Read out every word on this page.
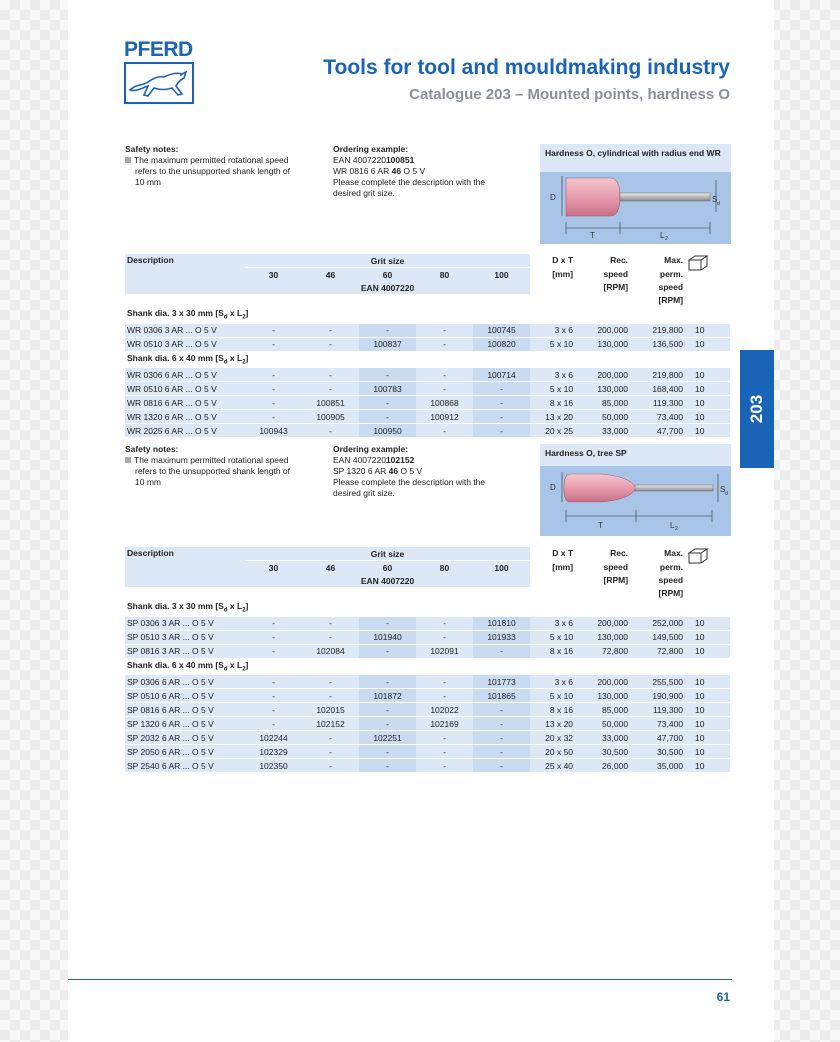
PFERD
Tools for tool and mouldmaking industry
Catalogue 203 – Mounted points, hardness O
203
Safety notes:
The maximum permitted rotational speed
refers to the unsupported shank length of
10 mm
Ordering example:
EAN 4007220100851
WR 0816 6 AR 46 O 5 V
Please complete the description with the
desired grit size.
Hardness O, cylindrical with radius end WR
D	S d
T	L 2
Description	Grit size					D x T	Rec.	Max.	
	30	46	60	80	100	[mm]	speed	perm.	
	EAN 4007220						[RPM]	speed	
								[RPM]	
Shank dia. 3 x 30 mm [$S_d$ x $L_2$]									
WR 0306 3 AR ... O 5 V	-	-	-	-	100745	3 x 6	200,000	219,800	10
WR 0510 3 AR ... O 5 V	-	-	100837	-	100820	5 x 10	130,000	136,500	10
Shank dia. 6 x 40 mm [$S_d$ x $L_2$]									
WR 0306 6 AR ... O 5 V	-	-	-	-	100714	3 x 6	200,000	219,800	10
WR 0510 6 AR ... O 5 V	-	-	100783	-	-	5 x 10	130,000	168,400	10
WR 0816 6 AR ... O 5 V	-	100851	-	100868	-	8 x 16	85,000	119,300	10
WR 1320 6 AR ... O 5 V	-	100905	-	100912	-	13 x 20	50,000	73,400	10
WR 2025 6 AR ... O 5 V	100943	-	100950	-	-	20 x 25	33,000	47,700	10
Safety notes:
The maximum permitted rotational speed
refers to the unsupported shank length of
10 mm
Ordering example:
EAN 4007220102152
SP 1320 6 AR 46 O 5 V
Please complete the description with the
desired grit size.
Hardness O, tree SP
D	S d
T	L 2
Description	Grit size					D x T	Rec.	Max.	
	30	46	60	80	100	[mm]	speed	perm.	
	EAN 4007220						[RPM]	speed	
								[RPM]	
Shank dia. 3 x 30 mm [$S_d$ x $L_2$]									
SP 0306 3 AR ... O 5 V	-	-	-	-	101810	3 x 6	200,000	252,000	10
SP 0510 3 AR ... O 5 V	-	-	101940	-	101933	5 x 10	130,000	149,500	10
SP 0816 3 AR ... O 5 V	-	102084	-	102091	-	8 x 16	72,800	72,800	10
Shank dia. 6 x 40 mm [$S_d$ x $L_2$]									
SP 0306 6 AR ... O 5 V	-	-	-	-	101773	3 x 6	200,000	255,500	10
SP 0510 6 AR ... O 5 V	-	-	101872	-	101865	5 x 10	130,000	190,900	10
SP 0816 6 AR ... O 5 V	-	102015	-	102022	-	8 x 16	85,000	119,300	10
SP 1320 6 AR ... O 5 V	-	102152	-	102169	-	13 x 20	50,000	73,400	10
SP 2032 6 AR ... O 5 V	102244	-	102251	-	-	20 x 32	33,000	47,700	10
SP 2050 6 AR ... O 5 V	102329	-	-	-	-	20 x 50	30,500	30,500	10
SP 2540 6 AR ... O 5 V	102350	-	-	-	-	25 x 40	26,000	35,000	10
61
